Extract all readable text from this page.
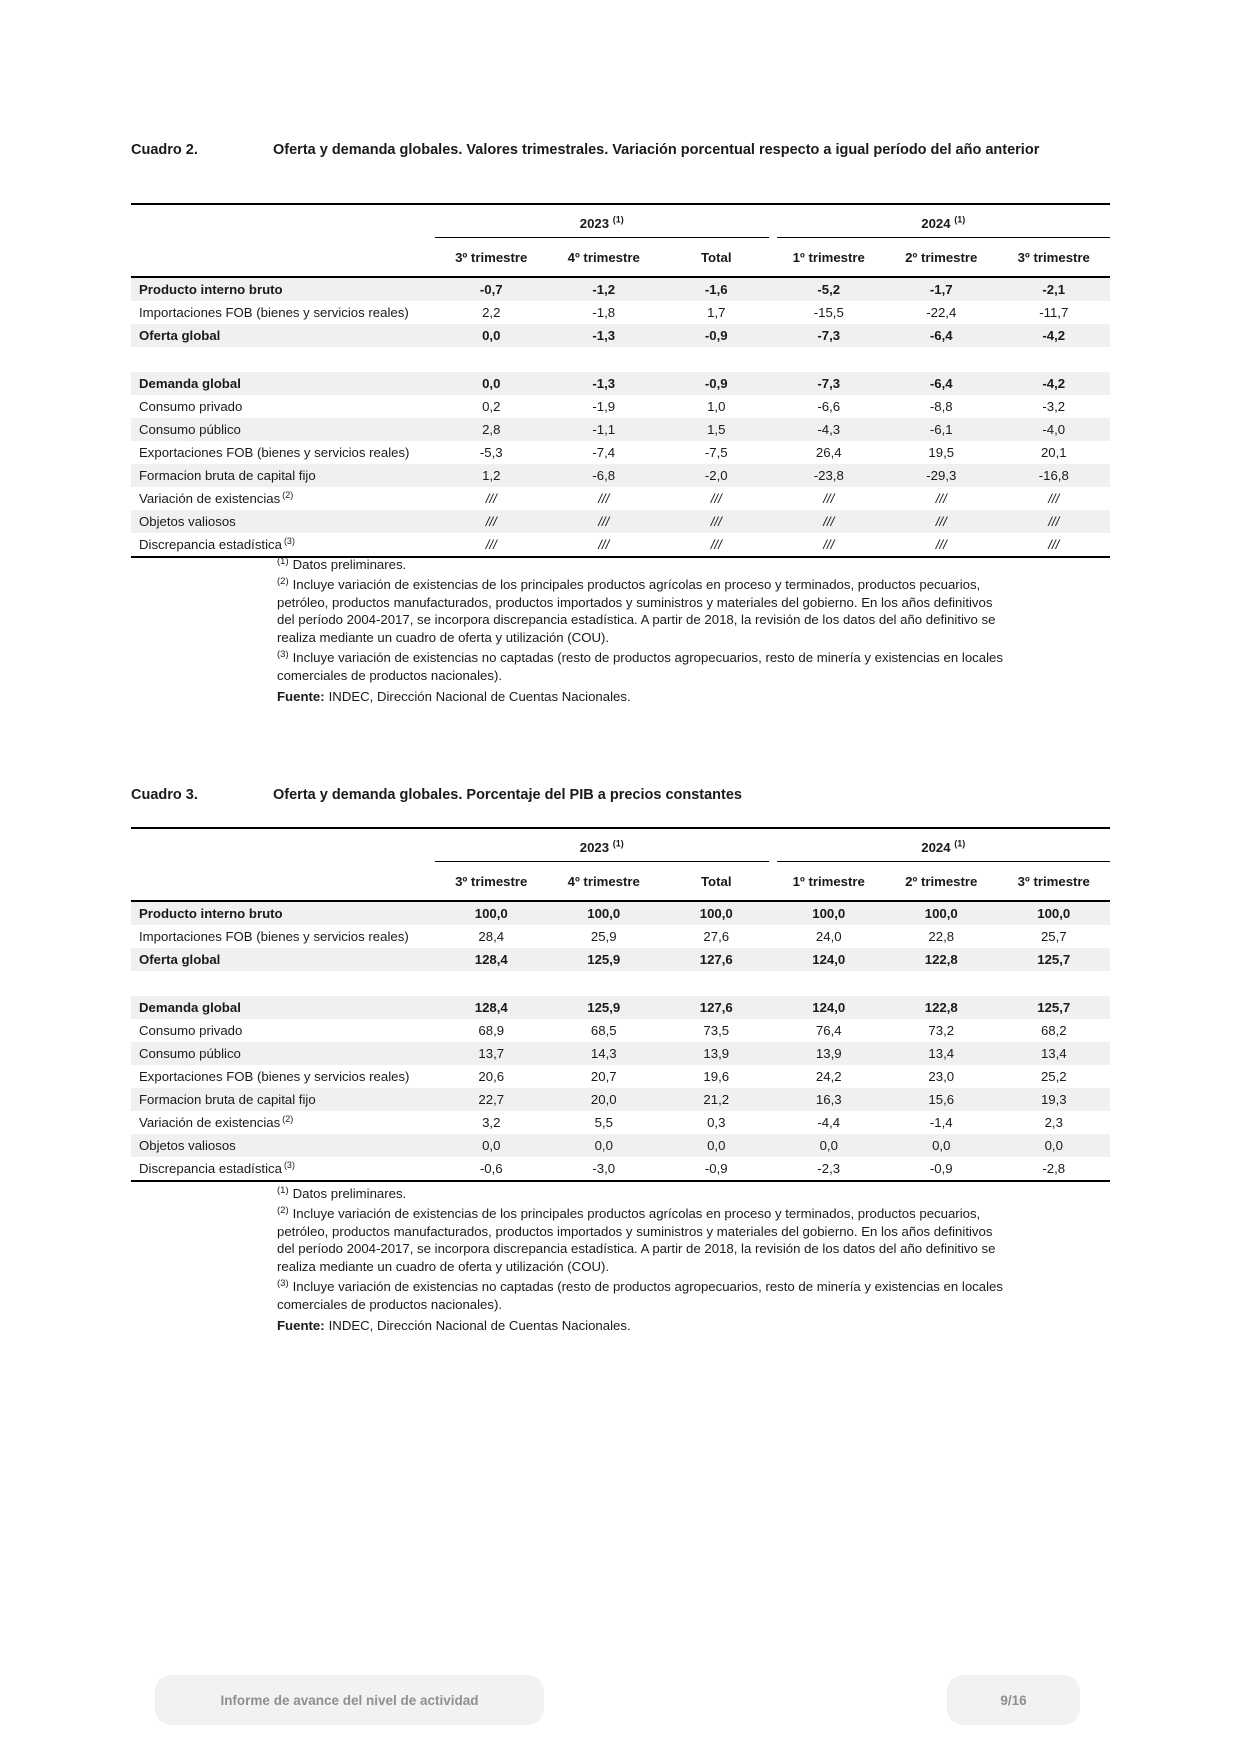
Cuadro 2.	Oferta y demanda globales. Valores trimestrales. Variación porcentual respecto a igual período del año anterior

	2023 $^{(1)}$			2024 $^{(1)}$

	3º trimestre	4º trimestre	Total	1º trimestre	2º trimestre	3º trimestre
Producto interno bruto	-0,7	-1,2	-1,6	-5,2	-1,7	-2,1
Importaciones FOB (bienes y servicios reales)	2,2	-1,8	1,7	-15,5	-22,4	-11,7
Oferta global	0,0	-1,3	-0,9	-7,3	-6,4	-4,2

Demanda global	0,0	-1,3	-0,9	-7,3	-6,4	-4,2
Consumo privado	0,2	-1,9	1,0	-6,6	-8,8	-3,2
Consumo público	2,8	-1,1	1,5	-4,3	-6,1	-4,0
Exportaciones FOB (bienes y servicios reales)	-5,3	-7,4	-7,5	26,4	19,5	20,1
Formacion bruta de capital fijo	1,2	-6,8	-2,0	-23,8	-29,3	-16,8
Variación de existencias $^{(2)}$	///	///	///	///	///	///
Objetos valiosos	///	///	///	///	///	///
Discrepancia estadística $^{(3)}$	///	///	///	///	///	///

$^{(1)}$ Datos preliminares.

$^{(2)}$ Incluye variación de existencias de los principales productos agrícolas en proceso y terminados, productos pecuarios, petróleo, productos manufacturados, productos importados y suministros y materiales del gobierno. En los años definitivos del período 2004-2017, se incorpora discrepancia estadística. A partir de 2018, la revisión de los datos del año definitivo se realiza mediante un cuadro de oferta y utilización (COU).

$^{(3)}$ Incluye variación de existencias no captadas (resto de productos agropecuarios, resto de minería y existencias en locales comerciales de productos nacionales).

Fuente: INDEC, Dirección Nacional de Cuentas Nacionales.

Cuadro 3.	Oferta y demanda globales. Porcentaje del PIB a precios constantes

	2023 $^{(1)}$			2024 $^{(1)}$

	3º trimestre	4º trimestre	Total	1º trimestre	2º trimestre	3º trimestre
Producto interno bruto	100,0	100,0	100,0	100,0	100,0	100,0
Importaciones FOB (bienes y servicios reales)	28,4	25,9	27,6	24,0	22,8	25,7
Oferta global	128,4	125,9	127,6	124,0	122,8	125,7

Demanda global	128,4	125,9	127,6	124,0	122,8	125,7
Consumo privado	68,9	68,5	73,5	76,4	73,2	68,2
Consumo público	13,7	14,3	13,9	13,9	13,4	13,4
Exportaciones FOB (bienes y servicios reales)	20,6	20,7	19,6	24,2	23,0	25,2
Formacion bruta de capital fijo	22,7	20,0	21,2	16,3	15,6	19,3
Variación de existencias $^{(2)}$	3,2	5,5	0,3	-4,4	-1,4	2,3
Objetos valiosos	0,0	0,0	0,0	0,0	0,0	0,0
Discrepancia estadística $^{(3)}$	-0,6	-3,0	-0,9	-2,3	-0,9	-2,8

$^{(1)}$ Datos preliminares.

$^{(2)}$ Incluye variación de existencias de los principales productos agrícolas en proceso y terminados, productos pecuarios, petróleo, productos manufacturados, productos importados y suministros y materiales del gobierno. En los años definitivos del período 2004-2017, se incorpora discrepancia estadística. A partir de 2018, la revisión de los datos del año definitivo se realiza mediante un cuadro de oferta y utilización (COU).

$^{(3)}$ Incluye variación de existencias no captadas (resto de productos agropecuarios, resto de minería y existencias en locales comerciales de productos nacionales).

Fuente: INDEC, Dirección Nacional de Cuentas Nacionales.

Informe de avance del nivel de actividad	9/16
